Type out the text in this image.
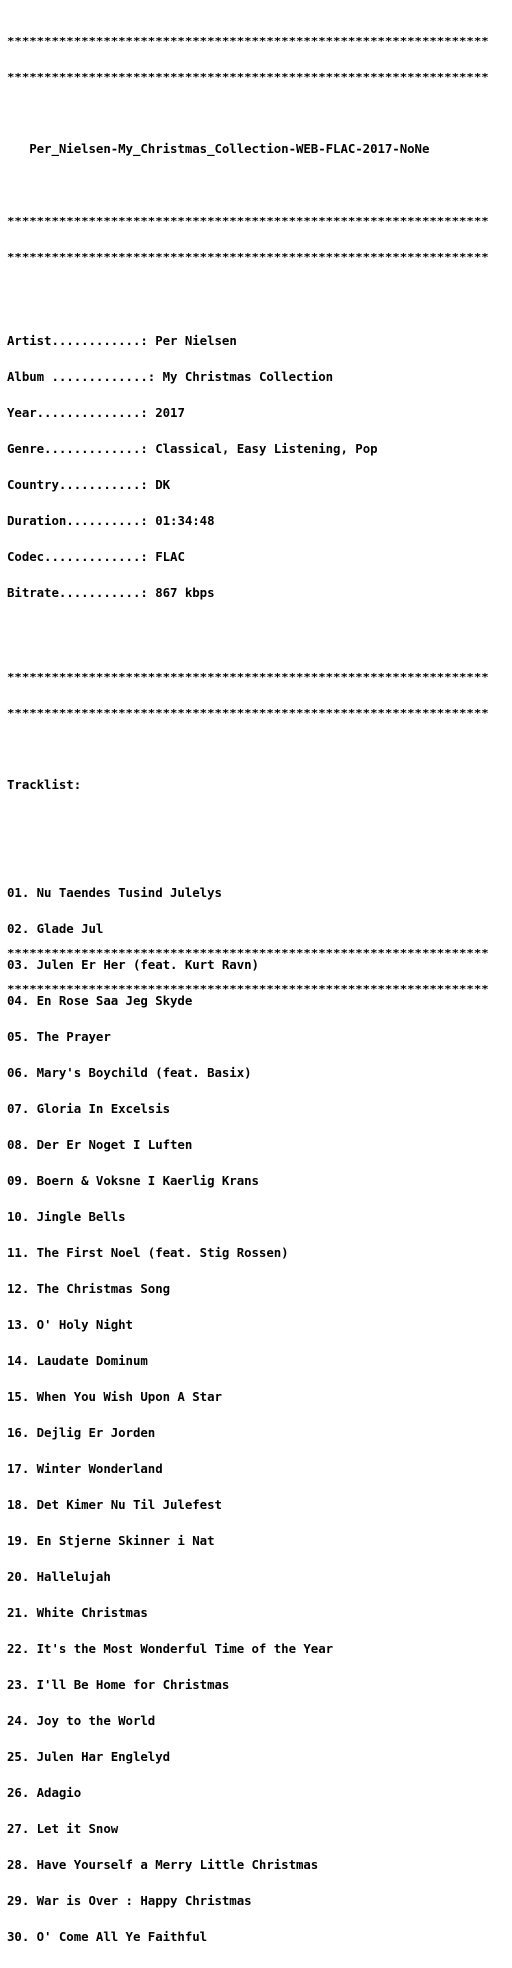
*****************************************************************

*****************************************************************

Per_Nielsen-My_Christmas_Collection-WEB-FLAC-2017-NoNe

*****************************************************************

*****************************************************************

Artist............: Per Nielsen

Album .............: My Christmas Collection

Year..............: 2017

Genre.............: Classical, Easy Listening, Pop

Country...........: DK

Duration..........: 01:34:48

Codec.............: FLAC

Bitrate...........: 867 kbps

*****************************************************************

*****************************************************************

Tracklist:

01. Nu Taendes Tusind Julelys

02. Glade Jul

03. Julen Er Her (feat. Kurt Ravn)

04. En Rose Saa Jeg Skyde

05. The Prayer

06. Mary's Boychild (feat. Basix)

07. Gloria In Excelsis

08. Der Er Noget I Luften

09. Boern & Voksne I Kaerlig Krans

10. Jingle Bells

11. The First Noel (feat. Stig Rossen)

12. The Christmas Song

13. O' Holy Night

14. Laudate Dominum

15. When You Wish Upon A Star

16. Dejlig Er Jorden

17. Winter Wonderland

18. Det Kimer Nu Til Julefest

19. En Stjerne Skinner i Nat

20. Hallelujah

21. White Christmas

22. It's the Most Wonderful Time of the Year

23. I'll Be Home for Christmas

24. Joy to the World

25. Julen Har Englelyd

26. Adagio

27. Let it Snow

28. Have Yourself a Merry Little Christmas

29. War is Over : Happy Christmas

30. O' Come All Ye Faithful

*****************************************************************

*****************************************************************
